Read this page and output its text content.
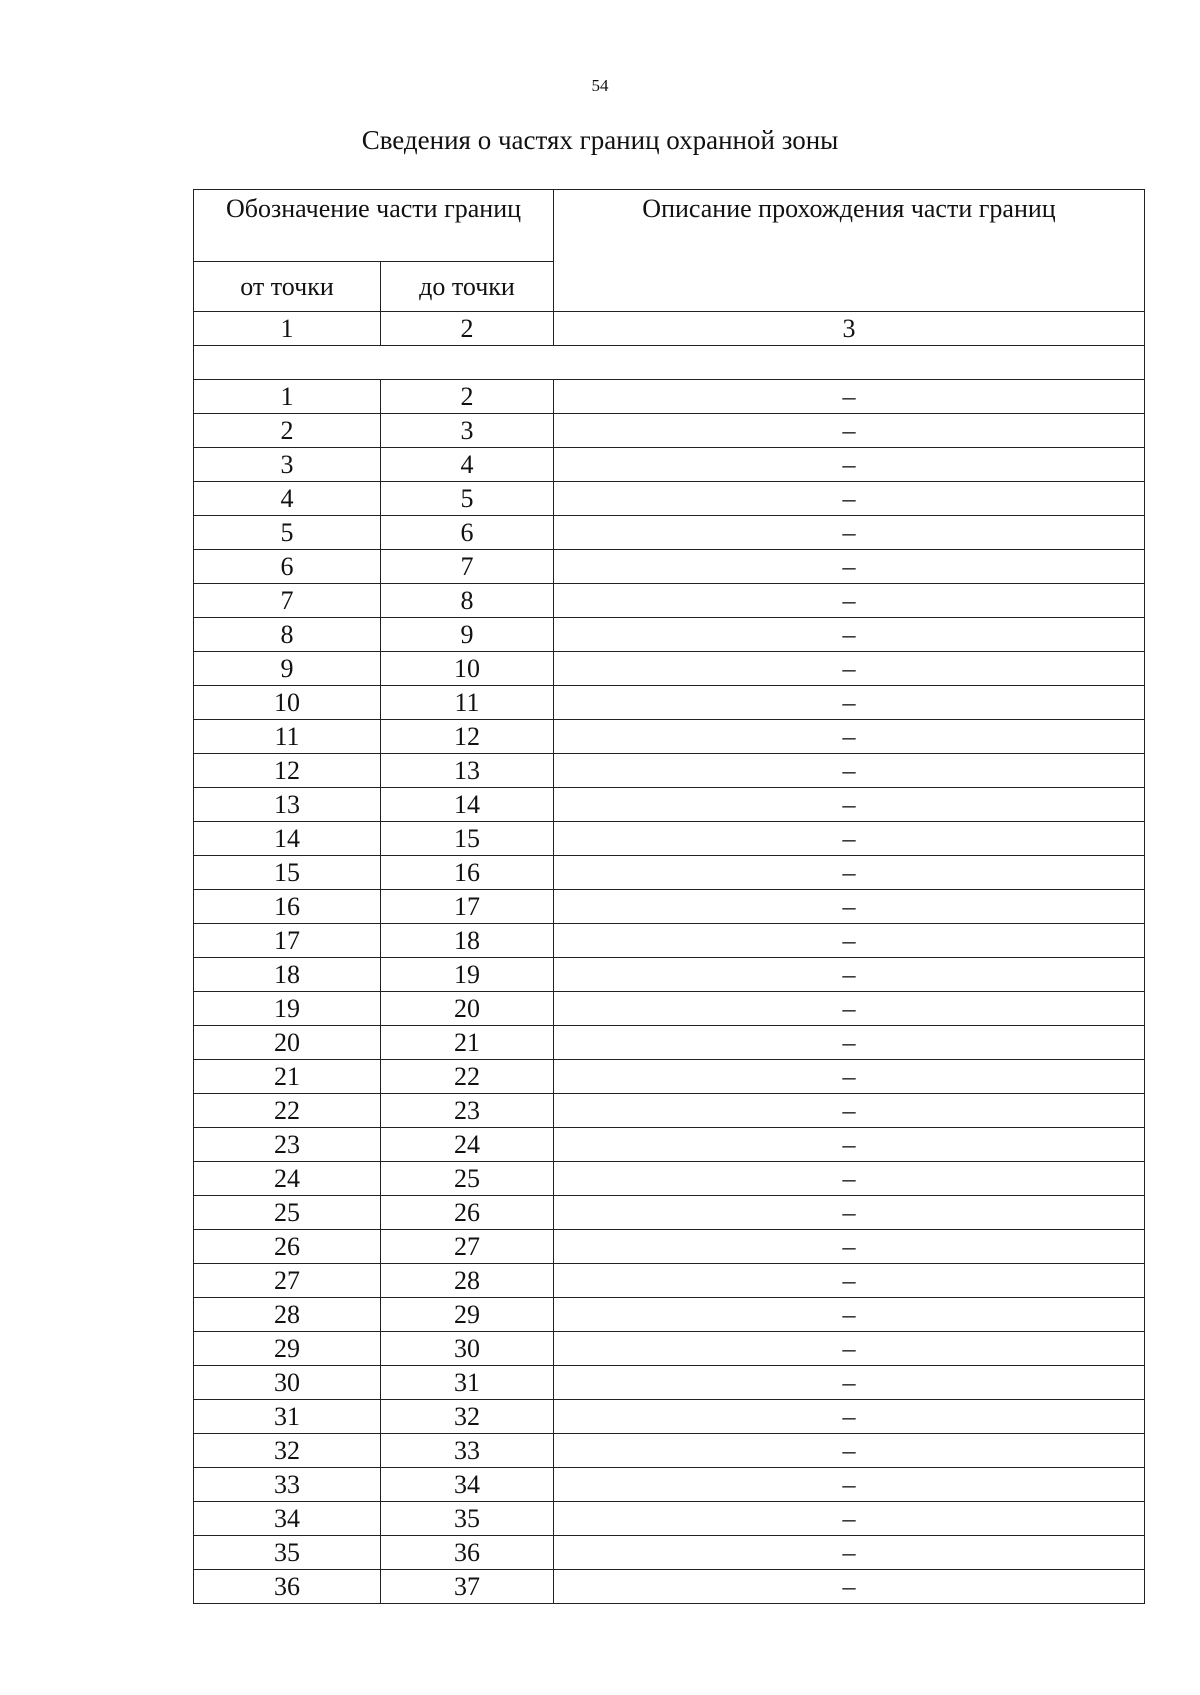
54
Сведения о частях границ охранной зоны
Обозначение части границ		Описание прохождения части границ
от точки	до точки	
1	2	3

1	2	–
2	3	–
3	4	–
4	5	–
5	6	–
6	7	–
7	8	–
8	9	–
9	10	–
10	11	–
11	12	–
12	13	–
13	14	–
14	15	–
15	16	–
16	17	–
17	18	–
18	19	–
19	20	–
20	21	–
21	22	–
22	23	–
23	24	–
24	25	–
25	26	–
26	27	–
27	28	–
28	29	–
29	30	–
30	31	–
31	32	–
32	33	–
33	34	–
34	35	–
35	36	–
36	37	–
